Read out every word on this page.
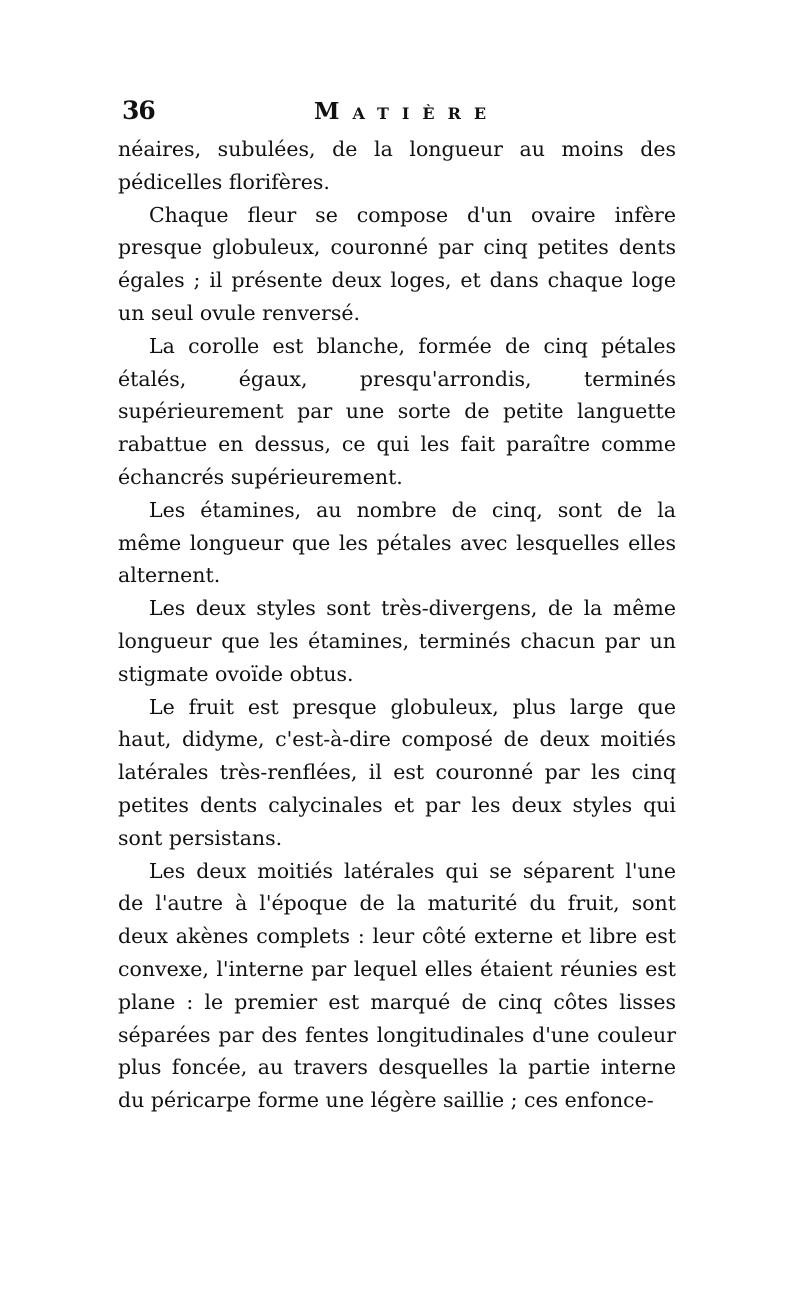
36	Matière

néaires, subulées, de la longueur au moins des pédicelles florifères.

Chaque fleur se compose d'un ovaire infère presque globuleux, couronné par cinq petites dents égales ; il présente deux loges, et dans chaque loge un seul ovule renversé.

La corolle est blanche, formée de cinq pétales étalés, égaux, presqu'arrondis, terminés supérieurement par une sorte de petite languette rabattue en dessus, ce qui les fait paraître comme échancrés supérieurement.

Les étamines, au nombre de cinq, sont de la même longueur que les pétales avec lesquelles elles alternent.

Les deux styles sont très-divergens, de la même longueur que les étamines, terminés chacun par un stigmate ovoïde obtus.

Le fruit est presque globuleux, plus large que haut, didyme, c'est-à-dire composé de deux moitiés latérales très-renflées, il est couronné par les cinq petites dents calycinales et par les deux styles qui sont persistans.

Les deux moitiés latérales qui se séparent l'une de l'autre à l'époque de la maturité du fruit, sont deux akènes complets : leur côté externe et libre est convexe, l'interne par lequel elles étaient réunies est plane : le premier est marqué de cinq côtes lisses séparées par des fentes longitudinales d'une couleur plus foncée, au travers desquelles la partie interne du péricarpe forme une légère saillie ; ces enfonce-
